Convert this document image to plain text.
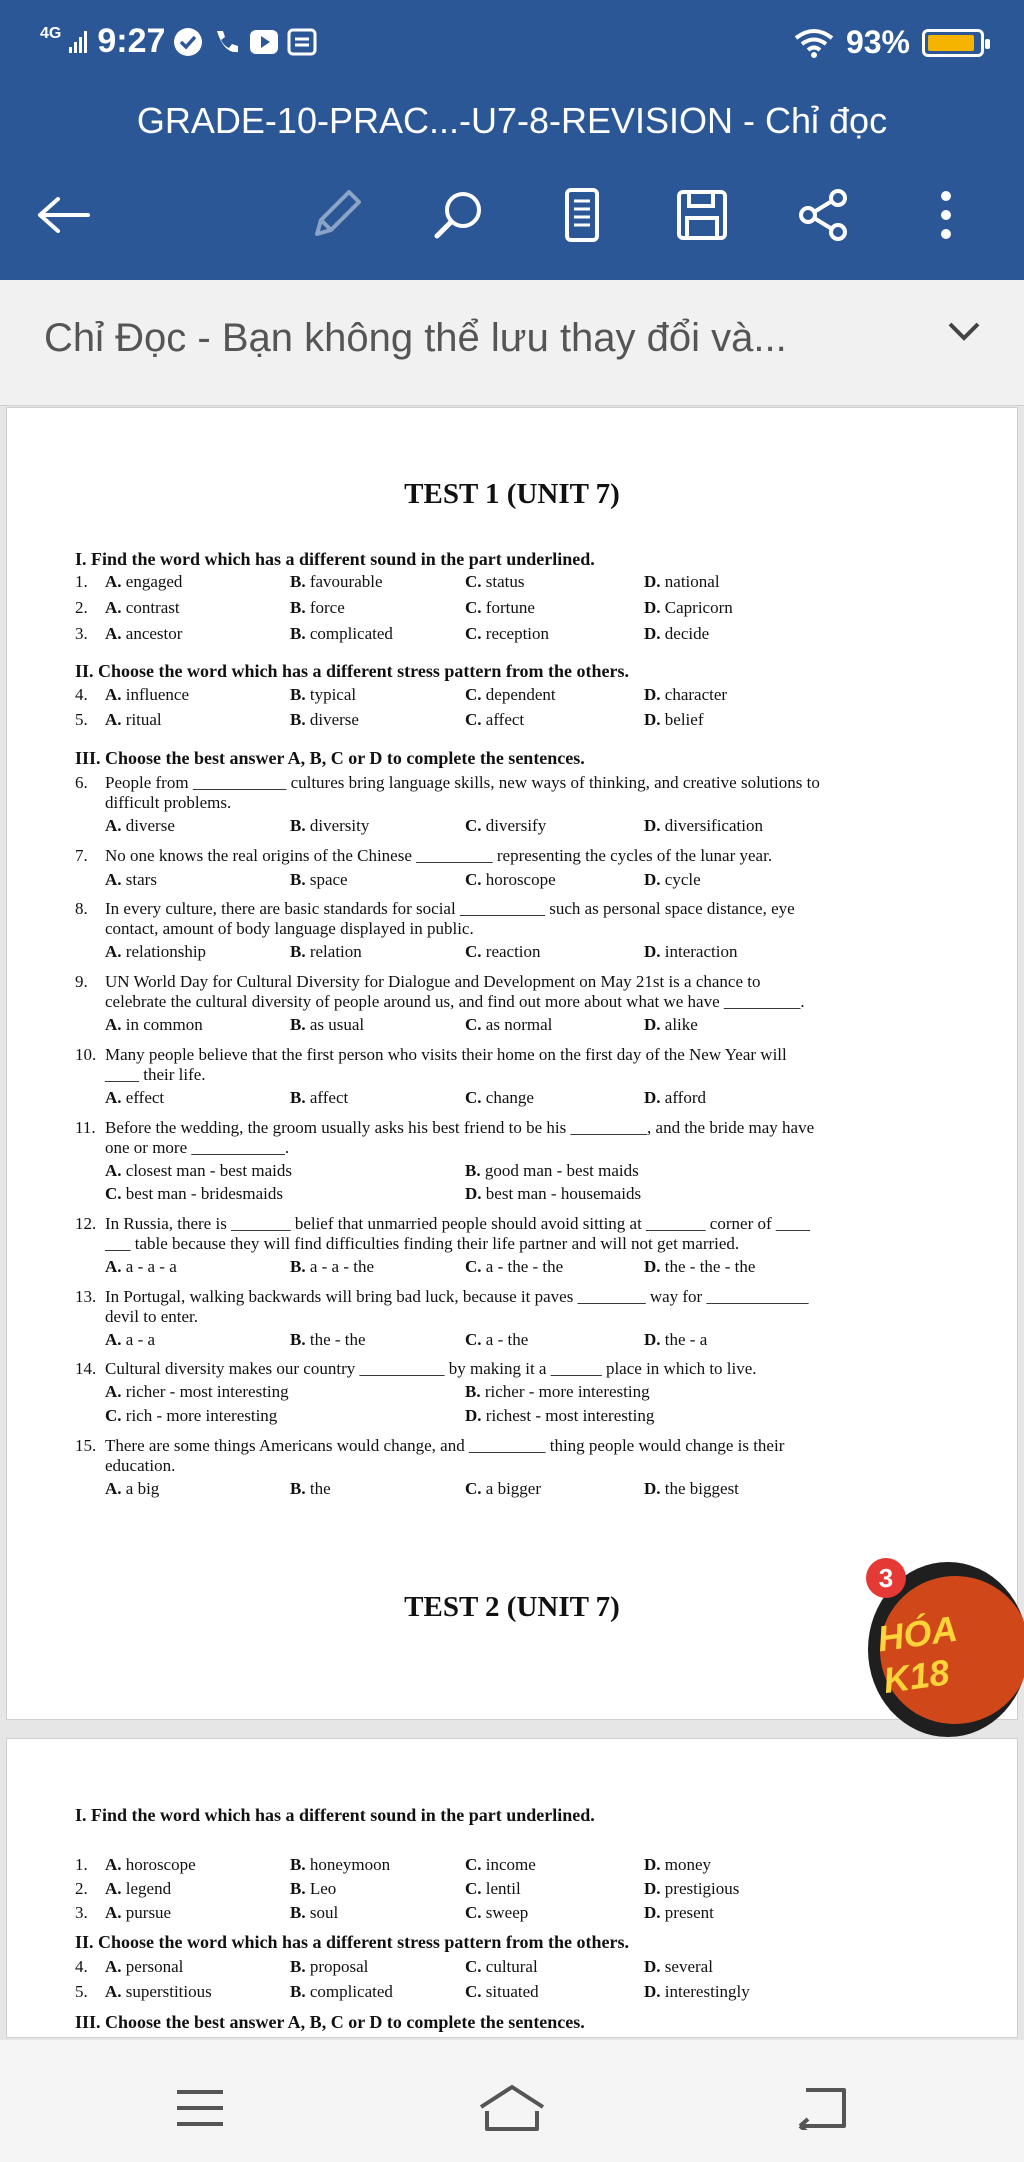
4G 9:27	93%
GRADE-10-PRAC...-U7-8-REVISION - Chỉ đọc
Chỉ Đọc - Bạn không thể lưu thay đổi và...
TEST 1 (UNIT 7)
I. Find the word which has a different sound in the part underlined.
1. A. engaged	B. favourable	C. status	D. national
2. A. contrast	B. force	C. fortune	D. Capricorn
3. A. ancestor	B. complicated	C. reception	D. decide
II. Choose the word which has a different stress pattern from the others.
4. A. influence	B. typical	C. dependent	D. character
5. A. ritual	B. diverse	C. affect	D. belief
III. Choose the best answer A, B, C or D to complete the sentences.
6. People from ___________ cultures bring language skills, new ways of thinking, and creative solutions to
difficult problems.
A. diverse	B. diversity	C. diversify	D. diversification
7. No one knows the real origins of the Chinese _________ representing the cycles of the lunar year.
A. stars	B. space	C. horoscope	D. cycle
8. In every culture, there are basic standards for social __________ such as personal space distance, eye
contact, amount of body language displayed in public.
A. relationship	B. relation	C. reaction	D. interaction
9. UN World Day for Cultural Diversity for Dialogue and Development on May 21st is a chance to
celebrate the cultural diversity of people around us, and find out more about what we have _________.
A. in common	B. as usual	C. as normal	D. alike
10. Many people believe that the first person who visits their home on the first day of the New Year will
____ their life.
A. effect	B. affect	C. change	D. afford
11. Before the wedding, the groom usually asks his best friend to be his _________, and the bride may have
one or more ___________.
A. closest man - best maids	B. good man - best maids
C. best man - bridesmaids	D. best man - housemaids
12. In Russia, there is _______ belief that unmarried people should avoid sitting at _______ corner of ____
___ table because they will find difficulties finding their life partner and will not get married.
A. a - a - a	B. a - a - the	C. a - the - the	D. the - the - the
13. In Portugal, walking backwards will bring bad luck, because it paves ________ way for ____________
devil to enter.
A. a - a	B. the - the	C. a - the	D. the - a
14. Cultural diversity makes our country __________ by making it a ______ place in which to live.
A. richer - most interesting	B. richer - more interesting
C. rich - more interesting	D. richest - most interesting
15. There are some things Americans would change, and _________ thing people would change is their
education.
A. a big	B. the	C. a bigger	D. the biggest
TEST 2 (UNIT 7)
I. Find the word which has a different sound in the part underlined.
1. A. horoscope	B. honeymoon	C. income	D. money
2. A. legend	B. Leo	C. lentil	D. prestigious
3. A. pursue	B. soul	C. sweep	D. present
II. Choose the word which has a different stress pattern from the others.
4. A. personal	B. proposal	C. cultural	D. several
5. A. superstitious	B. complicated	C. situated	D. interestingly
III. Choose the best answer A, B, C or D to complete the sentences.
3
HÓA K18
